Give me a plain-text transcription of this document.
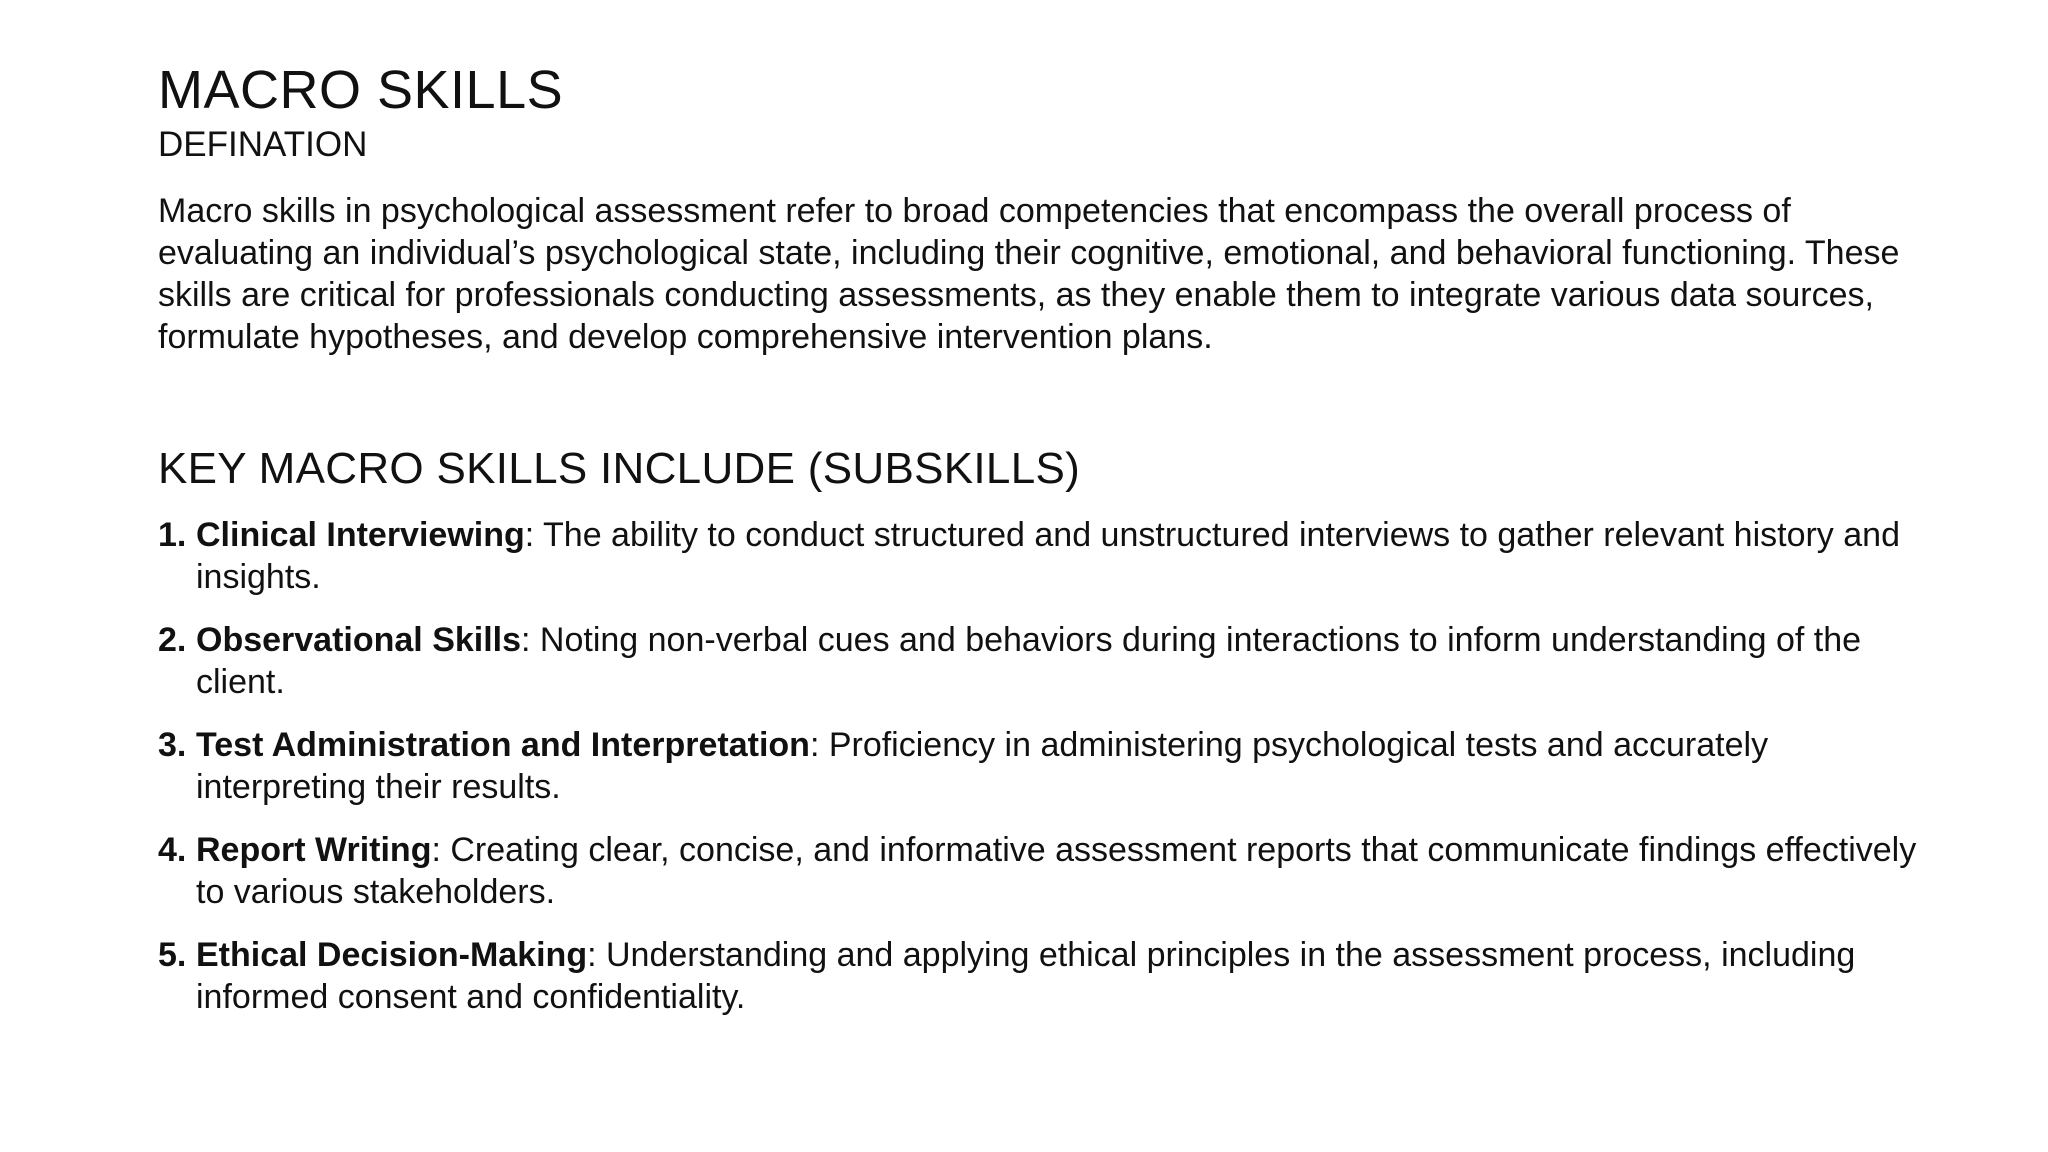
MACRO SKILLS
DEFINATION

Macro skills in psychological assessment refer to broad competencies that encompass the overall process of evaluating an individual’s psychological state, including their cognitive, emotional, and behavioral functioning. These skills are critical for professionals conducting assessments, as they enable them to integrate various data sources, formulate hypotheses, and develop comprehensive intervention plans.

KEY MACRO SKILLS INCLUDE (SUBSKILLS)
1. Clinical Interviewing: The ability to conduct structured and unstructured interviews to gather relevant history and insights.
2. Observational Skills: Noting non-verbal cues and behaviors during interactions to inform understanding of the client.
3. Test Administration and Interpretation: Proficiency in administering psychological tests and accurately interpreting their results.
4. Report Writing: Creating clear, concise, and informative assessment reports that communicate findings effectively to various stakeholders.
5. Ethical Decision-Making: Understanding and applying ethical principles in the assessment process, including informed consent and confidentiality.
